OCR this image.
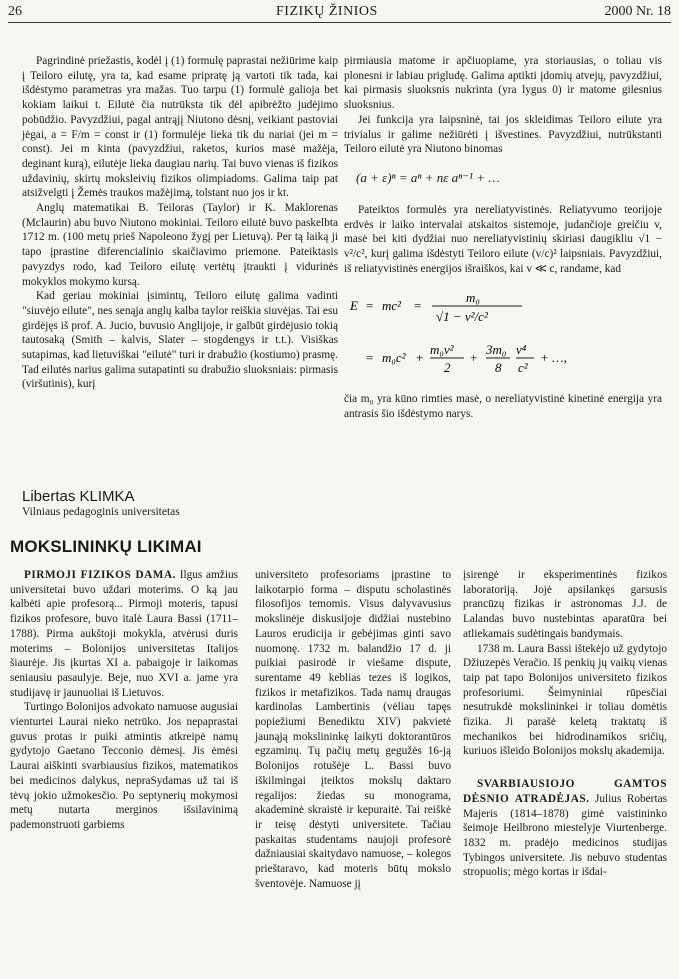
26	FIZIKŲ ŽINIOS	2000 Nr. 18

Pagrindinė priežastis, kodėl į (1) formulę paprastai nežiūrime kaip į Teiloro eilutę, yra ta, kad esame pripratę ją vartoti tik tada, kai išdėstymo parametras yra mažas. Tuo tarpu (1) formulė galioja bet kokiam laikui t. Eilutė čia nutrūksta tik dėl apibrėžto judėjimo pobūdžio. Pavyzdžiui, pagal antrąjį Niutono dėsnį, veikiant pastoviai jėgai, a = F/m = const ir (1) formulėje lieka tik du nariai (jei m = const). Jei m kinta (pavyzdžiui, raketos, kurios masė mažėja, deginant kurą), eilutėje lieka daugiau narių. Tai buvo vienas iš fizikos uždavinių, skirtų moksleivių fizikos olimpiadoms. Galima taip pat atsižvelgti į Žemės traukos mažėjimą, tolstant nuo jos ir kt.

Anglų matematikai B. Teiloras (Taylor) ir K. Maklorenas (Mclaurin) abu buvo Niutono mokiniai. Teiloro eilutė buvo paskelbta 1712 m. (100 metų prieš Napoleono žygį per Lietuvą). Per tą laiką ji tapo įprastine diferencialinio skaičiavimo priemone. Pateiktasis pavyzdys rodo, kad Teiloro eilutę vertėtų įtraukti į vidurinės mokyklos mokymo kursą.

Kad geriau mokiniai įsimintų, Teiloro eilutę galima vadinti "siuvėjo eilute", nes senąja anglų kalba taylor reiškia siuvėjas. Tai esu girdėjęs iš prof. A. Jucio, buvusio Anglijoje, ir galbūt girdėjusio tokią tautosaką (Smith – kalvis, Slater – stogdengys ir t.t.). Visiškas sutapimas, kad lietuviškai "eilutė" turi ir drabužio (kostiumo) prasmę. Tad eilutės narius galima sutapatinti su drabužio sluoksniais: pirmasis (viršutinis), kurį

pirmiausia matome ir apčiuopiame, yra storiausias, o toliau vis plonesni ir labiau prigludę. Galima aptikti įdomių atvejų, pavyzdžiui, kai pirmasis sluoksnis nukrinta (yra lygus 0) ir matome gilesnius sluoksnius.

Jei funkcija yra laipsninė, tai jos skleidimas Teiloro eilute yra trivialus ir galime nežiūrėti į išvestines. Pavyzdžiui, nutrūkstanti Teiloro eilutė yra Niutono binomas

(a + ε)ⁿ = aⁿ + nε aⁿ⁻¹ + …

Pateiktos formulės yra nereliatyvistinės. Reliatyvumo teorijoje erdvės ir laiko intervalai atskaitos sistemoje, judančioje greičiu v, masė bei kiti dydžiai nuo nereliatyvistinių skiriasi daugikliu √1 − v²/c², kurį galima išdėstyti Teiloro eilute (v/c)² laipsniais. Pavyzdžiui, iš reliatyvistinės energijos išraiškos, kai v ≪ c, randame, kad

E = mc² =
m₀
√1 − v²/c²
= m₀c² +
m₀v²
2
+
3m₀
8
v⁴
c²
+ …,

čia m₀ yra kūno rimties masė, o nereliatyvistinė kinetinė energija yra antrasis šio išdėstymo narys.

Libertas KLIMKA
Vilniaus pedagoginis universitetas
MOKSLININKŲ LIKIMAI

PIRMOJI FIZIKOS DAMA. Ilgus amžius universitetai buvo uždari moterims. O ką jau kalbėti apie profesorą... Pirmoji moteris, tapusi fizikos profesore, buvo italė Laura Bassi (1711–1788). Pirma aukštoji mokykla, atvėrusi duris moterims – Bolonijos universitetas Italijos šiaurėje. Jis įkurtas XI a. pabaigoje ir laikomas seniausiu pasaulyje. Beje, nuo XVI a. jame yra studijavę ir jaunuoliai iš Lietuvos.

Turtingo Bolonijos advokato namuose augusiai vienturtei Laurai nieko netrūko. Jos nepaprastai guvus protas ir puiki atmintis atkreipė namų gydytojo Gaetano Tecconio dėmesį. Jis ėmėsi Laurai aiškinti svarbiausius fizikos, matematikos bei medicinos dalykus, nepraSydamas už tai iš tėvų jokio užmokesčio. Po septynerių mokymosi metų nutarta merginos išsilavinimą pademonstruoti garbiems

universiteto profesoriams įprastine to laikotarpio forma – disputu scholastinės filosofijos temomis. Visus dalyvavusius mokslinėje diskusijoje didžiai nustebino Lauros erudicija ir gebėjimas ginti savo nuomonę. 1732 m. balandžio 17 d. ji puikiai pasirodė ir viešame dispute, surentame 49 keblias tezes iš logikos, fizikos ir metafizikos. Tada namų draugas kardinolas Lambertinis (vėliau tapęs popiežiumi Benediktu XIV) pakvietė jaunąją mokslininkę laikyti doktorantūros egzaminų. Tų pačių metų gegužės 16-ją Bolonijos rotušėje L. Bassi buvo iškilmingai įteiktos mokslų daktaro regalijos: žiedas su monograma, akademinė skraistė ir kepuraitė. Tai reiškė ir teisę dėstyti universitete. Tačiau paskaitas studentams naujoji profesorė dažniausiai skaitydavo namuose, – kolegos prieštaravo, kad moteris būtų mokslo šventovėje. Namuose jį

įsirengė ir eksperimentinės fizikos laboratoriją. Jojė apsilankęs garsusis prancūzų fizikas ir astronomas J.J. de Lalandas buvo nustebintas aparatūra bei atliekamais sudėtingais bandymais.

1738 m. Laura Bassi ištekėjo už gydytojo Džiuzepės Veračio. Iš penkių jų vaikų vienas taip pat tapo Bolonijos universiteto fizikos profesoriumi. Šeimyniniai rūpesčiai nesutrukdė mokslininkei ir toliau domėtis fizika. Ji parašė keletą traktatų iš mechanikos bei hidrodinamikos sričių, kuriuos išleido Bolonijos mokslų akademija.

SVARBIAUSIOJO GAMTOS DĖSNIO ATRADĖJAS. Julius Robertas Majeris (1814–1878) gimė vaistininko šeimoje Heilbrono miestelyje Viurtenberge. 1832 m. pradėjo medicinos studijas Tybingos universitete. Jis nebuvo studentas stropuolis; mėgo kortas ir išdai-
